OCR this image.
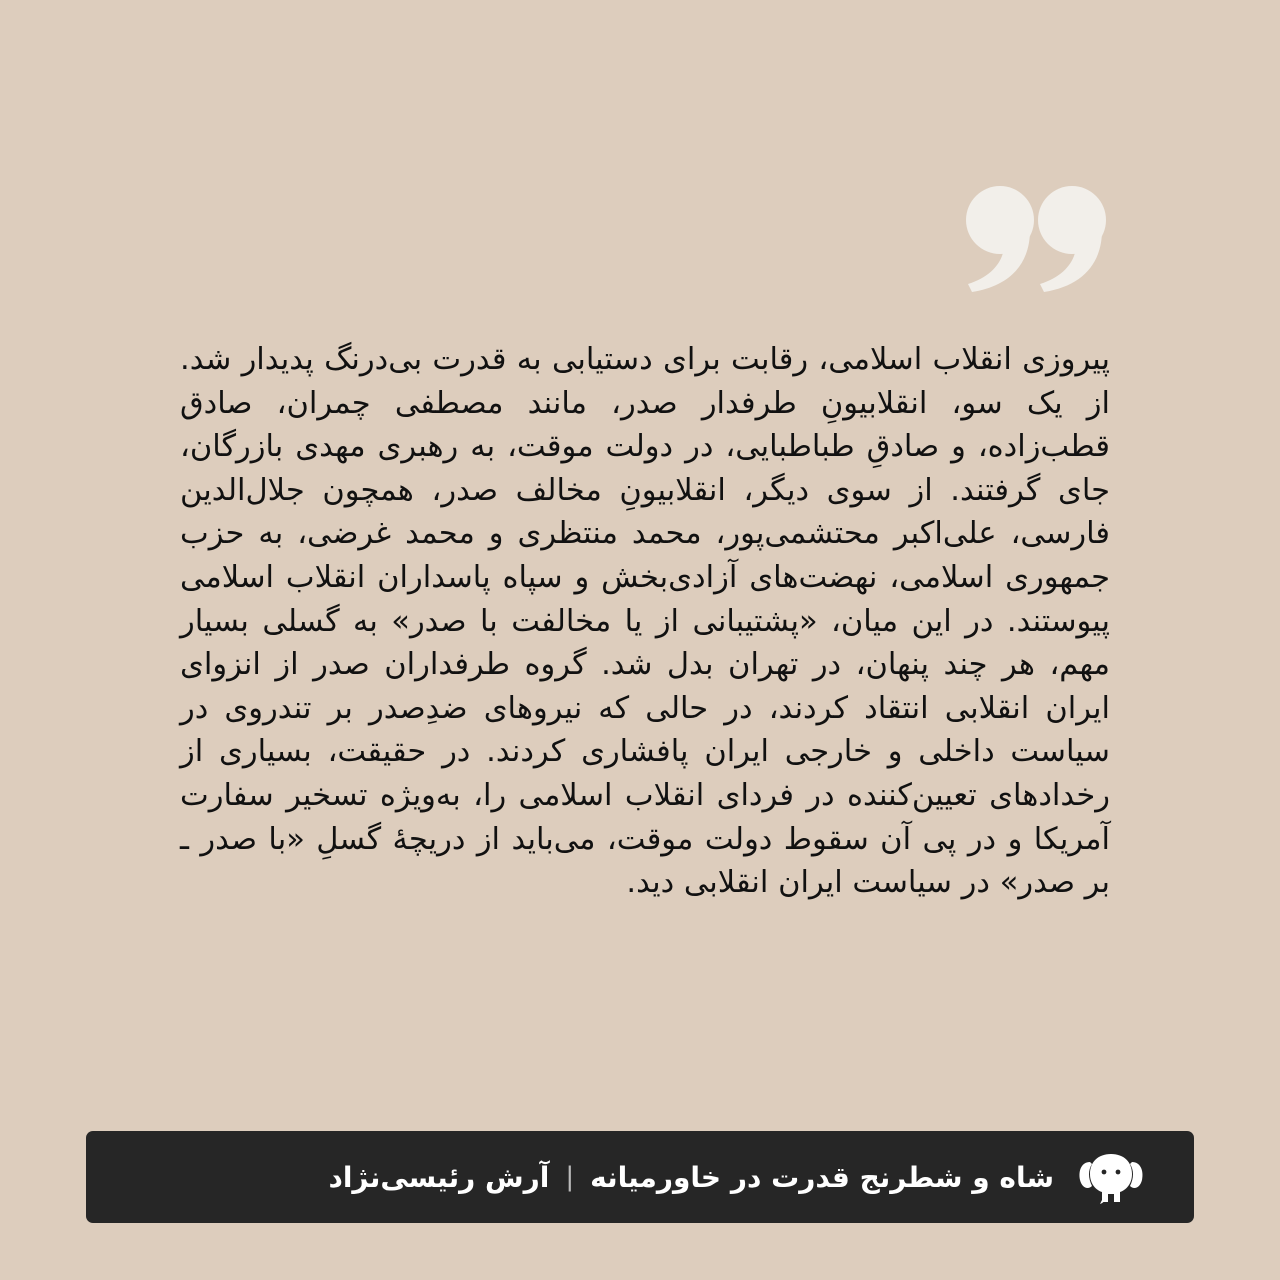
پیروزی انقلاب اسلامی، رقابت برای دستیابی به قدرت بی‌درنگ پدیدار شد. از یک سو، انقلابیونِ طرفدار صدر، مانند مصطفی چمران، صادق قطب‌زاده، و صادقِ طباطبایی، در دولت موقت، به رهبری مهدی بازرگان، جای گرفتند. از سوی دیگر، انقلابیونِ مخالف صدر، همچون جلال‌الدین فارسی، علی‌اکبر محتشمی‌پور، محمد منتظری و محمد غرضی، به حزب جمهوری اسلامی، نهضت‌های آزادی‌بخش و سپاه پاسداران انقلاب اسلامی پیوستند. در این میان، «پشتیبانی از یا مخالفت با صدر» به گسلی بسیار مهم، هر چند پنهان، در تهران بدل شد. گروه طرفداران صدر از انزوای ایران انقلابی انتقاد کردند، در حالی که نیروهای ضدِصدر بر تندروی در سیاست داخلی و خارجی ایران پافشاری کردند. در حقیقت، بسیاری از رخدادهای تعیین‌کننده در فردای انقلاب اسلامی را، به‌ویژه تسخیر سفارت آمریکا و در پی آن سقوط دولت موقت، می‌باید از دریچهٔ گسلِ «با صدر ـ بر صدر» در سیاست ایران انقلابی دید.

شاه و شطرنج قدرت در خاورمیانه
|
آرش رئیسی‌نژاد
